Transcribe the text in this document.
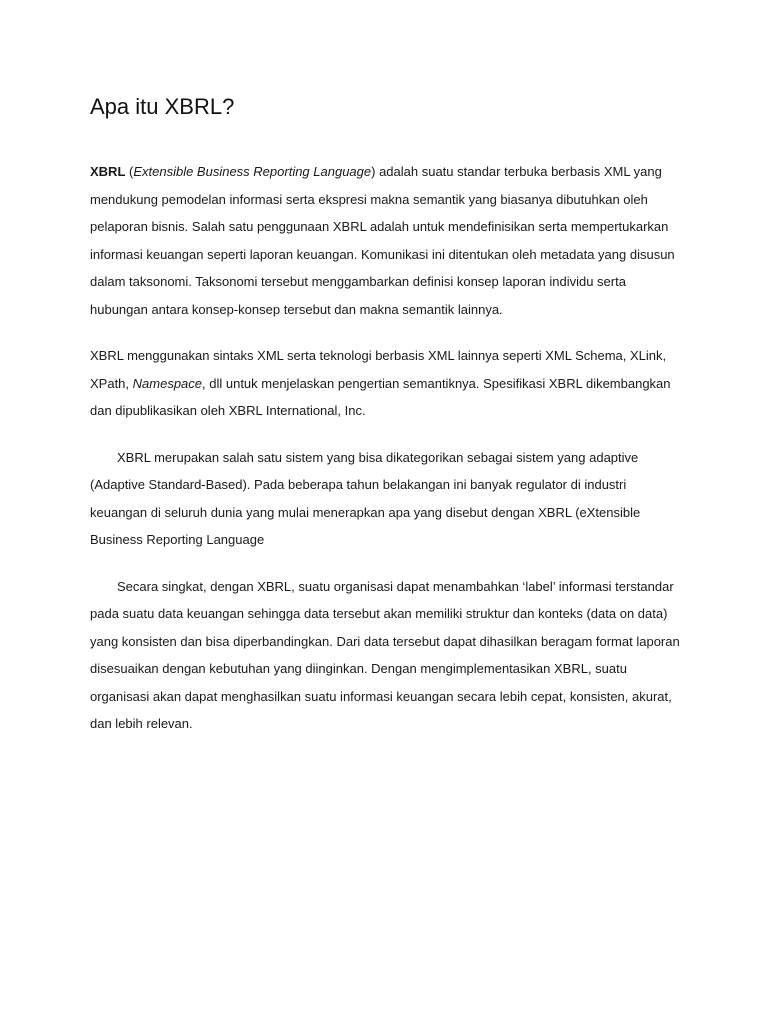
Apa itu XBRL?

XBRL (Extensible Business Reporting Language) adalah suatu standar terbuka berbasis XML yang mendukung pemodelan informasi serta ekspresi makna semantik yang biasanya dibutuhkan oleh pelaporan bisnis. Salah satu penggunaan XBRL adalah untuk mendefinisikan serta mempertukarkan informasi keuangan seperti laporan keuangan. Komunikasi ini ditentukan oleh metadata yang disusun dalam taksonomi. Taksonomi tersebut menggambarkan definisi konsep laporan individu serta hubungan antara konsep-konsep tersebut dan makna semantik lainnya.

XBRL menggunakan sintaks XML serta teknologi berbasis XML lainnya seperti XML Schema, XLink, XPath, Namespace, dll untuk menjelaskan pengertian semantiknya. Spesifikasi XBRL dikembangkan dan dipublikasikan oleh XBRL International, Inc.

XBRL merupakan salah satu sistem yang bisa dikategorikan sebagai sistem yang adaptive (Adaptive Standard-Based). Pada beberapa tahun belakangan ini banyak regulator di industri keuangan di seluruh dunia yang mulai menerapkan apa yang disebut dengan XBRL (eXtensible Business Reporting Language

Secara singkat, dengan XBRL, suatu organisasi dapat menambahkan ‘label’ informasi terstandar pada suatu data keuangan sehingga data tersebut akan memiliki struktur dan konteks (data on data) yang konsisten dan bisa diperbandingkan. Dari data tersebut dapat dihasilkan beragam format laporan disesuaikan dengan kebutuhan yang diinginkan. Dengan mengimplementasikan XBRL, suatu organisasi akan dapat menghasilkan suatu informasi keuangan secara lebih cepat, konsisten, akurat, dan lebih relevan.
